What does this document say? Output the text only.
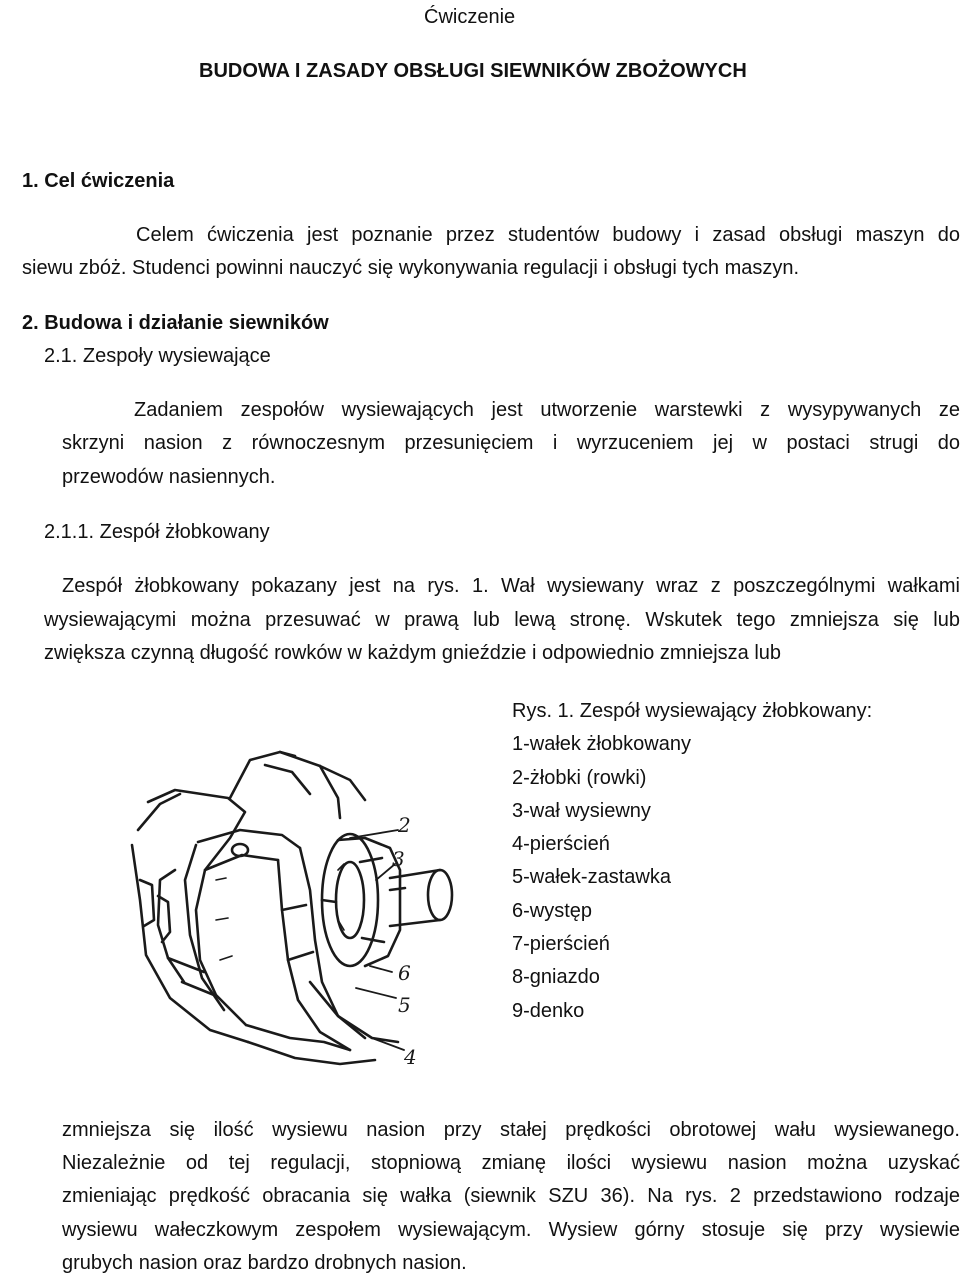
Ćwiczenie
BUDOWA I ZASADY OBSŁUGI SIEWNIKÓW ZBOŻOWYCH
1. Cel ćwiczenia
Celem ćwiczenia jest poznanie przez studentów budowy i zasad obsługi maszyn do
siewu zbóż. Studenci powinni nauczyć się wykonywania regulacji i obsługi tych maszyn.
2. Budowa i działanie siewników
2.1. Zespoły wysiewające
Zadaniem zespołów wysiewających jest utworzenie warstewki z wysypywanych ze
skrzyni nasion z równoczesnym przesunięciem i wyrzuceniem jej w postaci strugi do
przewodów nasiennych.
2.1.1. Zespół żłobkowany
Zespół żłobkowany pokazany jest na rys. 1. Wał wysiewany wraz z poszczególnymi wałkami
wysiewającymi można przesuwać w prawą lub lewą stronę. Wskutek tego zmniejsza się lub
zwiększa czynną długość rowków w każdym gnieździe i odpowiednio zmniejsza lub
2
3
6
5
4
Rys. 1. Zespół wysiewający żłobkowany:
1-wałek żłobkowany
2-żłobki (rowki)
3-wał wysiewny
4-pierścień
5-wałek-zastawka
6-występ
7-pierścień
8-gniazdo
9-denko
zmniejsza się ilość wysiewu nasion przy stałej prędkości obrotowej wału wysiewanego.
Niezależnie od tej regulacji, stopniową zmianę ilości wysiewu nasion można uzyskać
zmieniając prędkość obracania się wałka (siewnik SZU 36). Na rys. 2 przedstawiono rodzaje
wysiewu wałeczkowym zespołem wysiewającym. Wysiew górny stosuje się przy wysiewie
grubych nasion oraz bardzo drobnych nasion.
